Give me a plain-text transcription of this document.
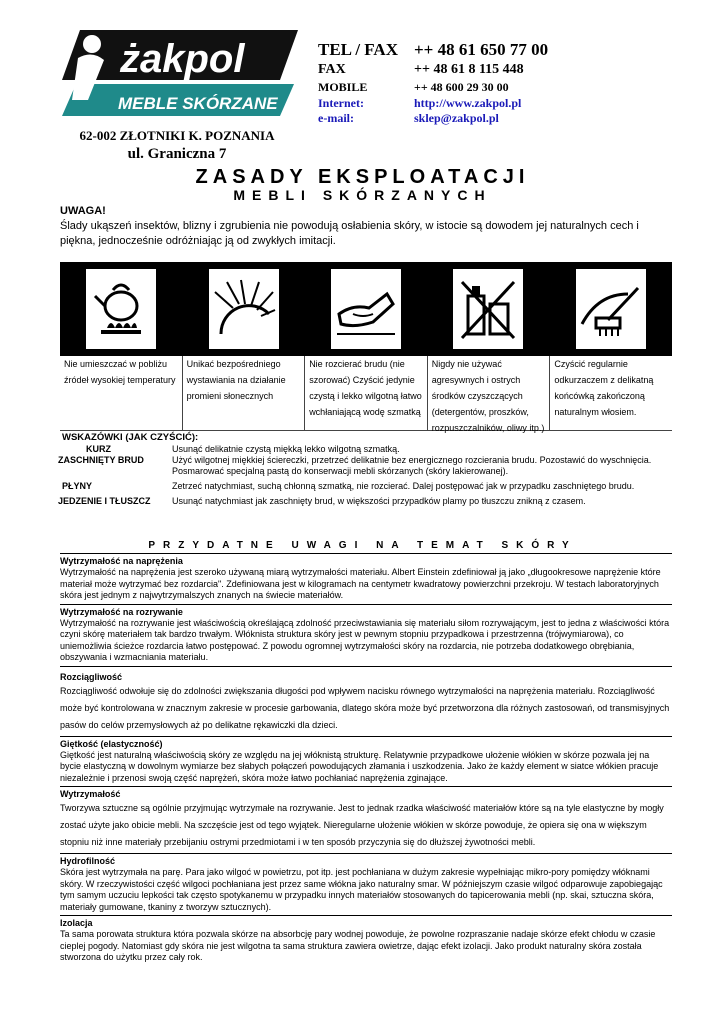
żakpol
MEBLE SKÓRZANE
TEL / FAX ++ 48 61 650 77 00
FAX	++ 48 61 8 115 448
MOBILE	++ 48 600 29 30 00
Internet:	http://www.zakpol.pl
e-mail:	sklep@zakpol.pl
62-002 ZŁOTNIKI K. POZNANIA
ul. Graniczna 7
ZASADY EKSPLOATACJI
MEBLI SKÓRZANYCH
UWAGA!
Ślady ukąszeń insektów, blizny i zgrubienia nie powodują osłabienia skóry, w istocie są dowodem jej naturalnych cech i piękna, jednocześnie odróżniając ją od zwykłych imitacji.
Nie umieszczać w pobliżu źródeł wysokiej temperatury
Unikać bezpośredniego wystawiania na działanie promieni słonecznych
Nie rozcierać brudu (nie szorować) Czyścić jedynie czystą i lekko wilgotną łatwo wchłaniającą wodę szmatką
Nigdy nie używać agresywnych i ostrych środków czyszczących (detergentów, proszków, rozpuszczalników, oliwy itp.)
Czyścić regularnie odkurzaczem z delikatną końcówką zakończoną naturalnym włosiem.
WSKAZÓWKI (JAK CZYŚCIĆ):
KURZ	Usunąć delikatnie czystą miękką lekko wilgotną szmatką.
ZASCHNIĘTY BRUD	Użyć wilgotnej miękkiej ściereczki, przetrzeć delikatnie bez energicznego rozcierania brudu. Pozostawić do wyschnięcia. Posmarować specjalną pastą do konserwacji mebli skórzanych (skóry lakierowanej).
PŁYNY	Zetrzeć natychmiast, suchą chłonną szmatką, nie rozcierać. Dalej postępować jak w przypadku zaschniętego brudu.
JEDZENIE I TŁUSZCZ	Usunąć natychmiast jak zaschnięty brud, w większości przypadków plamy po tłuszczu znikną z czasem.
PRZYDATNE UWAGI NA TEMAT SKÓRY
Wytrzymałość na naprężenia

Wytrzymałość na naprężenia jest szeroko używaną miarą wytrzymałości materiału. Albert Einstein zdefiniował ją jako „długookresowe naprężenie które materiał może wytrzymać bez rozdarcia". Zdefiniowana jest w kilogramach na centymetr kwadratowy powierzchni przekroju. W testach laboratoryjnych skóra jest jednym z najwytrzymalszych znanych na świecie materiałów.

Wytrzymałość na rozrywanie

Wytrzymałość na rozrywanie jest właściwością określającą zdolność przeciwstawiania się materiału siłom rozrywającym, jest to jedna z właściwości która czyni skórę materiałem tak bardzo trwałym. Włóknista struktura skóry jest w pewnym stopniu przypadkowa i przestrzenna (trójwymiarowa), co uniemożliwia ścieżce rozdarcia łatwo postępować. Z powodu ogromnej wytrzymałości skóry na rozdarcia, nie potrzeba dodatkowego obrębiania, obszywania i wzmacniania materiału.

Rozciągliwość

Rozciągliwość odwołuje się do zdolności zwiększania długości pod wpływem nacisku równego wytrzymałości na naprężenia materiału. Rozciągliwość może być kontrolowana w znacznym zakresie w procesie garbowania, dlatego skóra może być przetworzona dla różnych zastosowań, od transmisyjnych pasów do celów przemysłowych aż po delikatne rękawiczki dla dzieci.

Giętkość (elastyczność)

Giętkość jest naturalną właściwością skóry ze względu na jej włóknistą strukturę. Relatywnie przypadkowe ułożenie włókien w skórze pozwala jej na bycie elastyczną w dowolnym wymiarze bez słabych połączeń powodujących złamania i uszkodzenia. Jako że każdy element w siatce włókien pracuje niezależnie i przenosi swoją część naprężeń, skóra może łatwo pochłaniać naprężenia zginające.

Wytrzymałość

Tworzywa sztuczne są ogólnie przyjmując wytrzymałe na rozrywanie. Jest to jednak rzadka właściwość materiałów które są na tyle elastyczne by mogły zostać użyte jako obicie mebli. Na szczęście jest od tego wyjątek. Nieregularne ułożenie włókien w skórze powoduje, że opiera się ona w większym stopniu niż inne materiały przebijaniu ostrymi przedmiotami i w ten sposób przyczynia się do dłuższej żywotności mebli.

Hydrofilność

Skóra jest wytrzymała na parę. Para jako wilgoć w powietrzu, pot itp. jest pochłaniana w dużym zakresie wypełniając mikro-pory pomiędzy włóknami skóry. W rzeczywistości część wilgoci pochłaniana jest przez same włókna jako naturalny smar. W późniejszym czasie wilgoć odparowuje zapobiegając tym samym uczuciu lepkości tak często spotykanemu w przypadku innych materiałów stosowanych do tapicerowania mebli (np. skai, sztuczna skóra, materiały gumowane, tkaniny z tworzyw sztucznych).

Izolacja

Ta sama porowata struktura która pozwala skórze na absorbcję pary wodnej powoduje, że powolne rozpraszanie nadaje skórze efekt chłodu w czasie cieplej pogody. Natomiast gdy skóra nie jest wilgotna ta sama struktura zawiera owietrze, dając efekt izolacji. Jako produkt naturalny skóra została stworzona do użytku przez cały rok.
